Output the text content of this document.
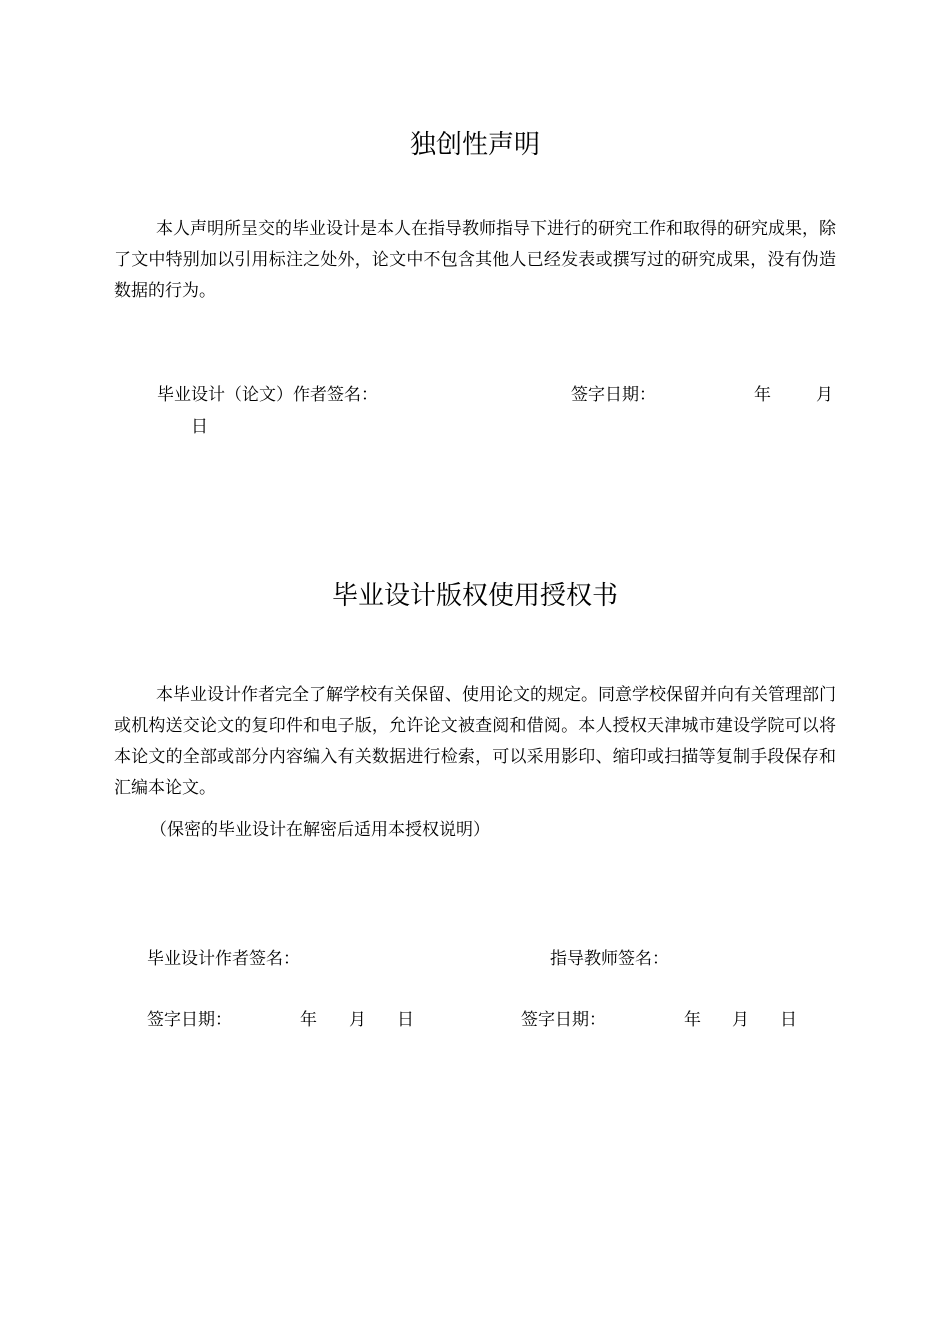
独创性声明

本人声明所呈交的毕业设计是本人在指导教师指导下进行的研究工作和取得的研究成果，除了文中特别加以引用标注之处外，论文中不包含其他人已经发表或撰写过的研究成果，没有伪造数据的行为。

毕业设计（论文）作者签名：	签字日期：	年	月
日
毕业设计版权使用授权书

本毕业设计作者完全了解学校有关保留、使用论文的规定。同意学校保留并向有关管理部门或机构送交论文的复印件和电子版，允许论文被查阅和借阅。本人授权天津城市建设学院可以将本论文的全部或部分内容编入有关数据进行检索，可以采用影印、缩印或扫描等复制手段保存和汇编本论文。

（保密的毕业设计在解密后适用本授权说明）
毕业设计作者签名：	指导教师签名：
签字日期：	年 月 日	签字日期：	年 月 日
